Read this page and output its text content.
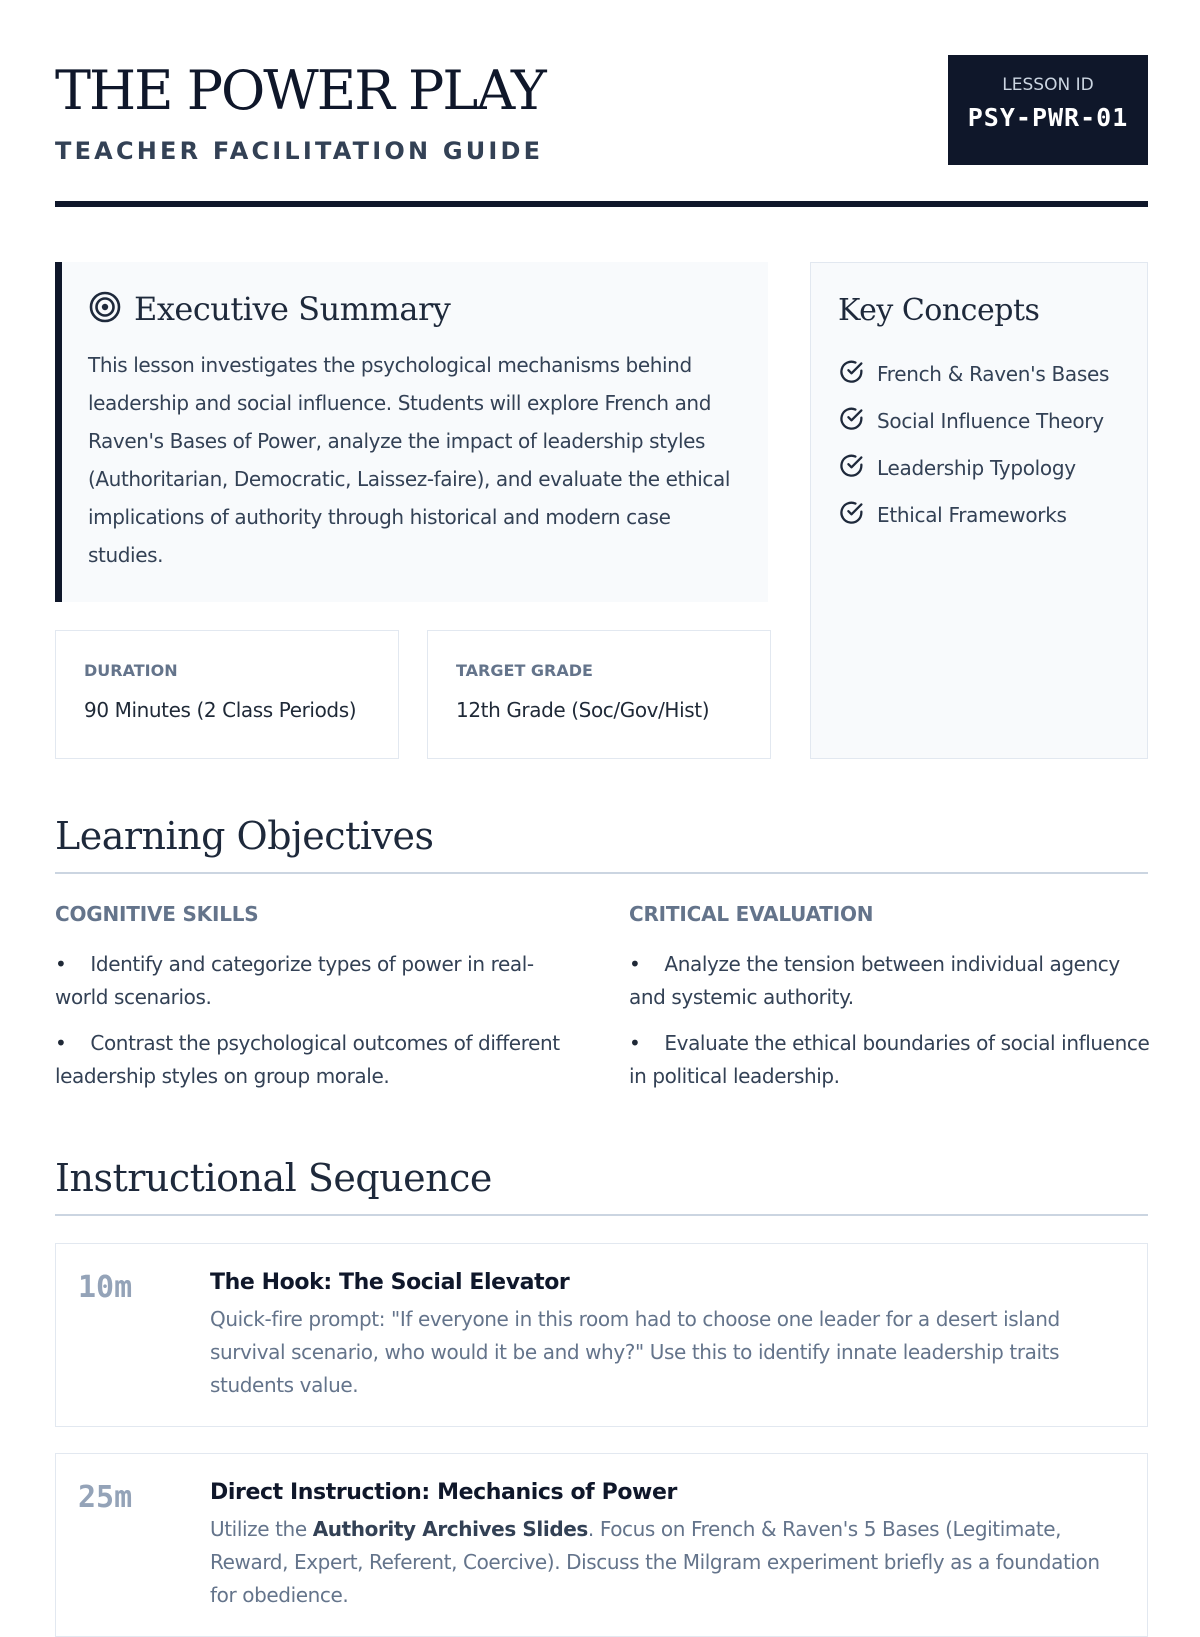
THE POWER PLAY
TEACHER FACILITATION GUIDE
LESSON ID
PSY-PWR-01
Executive Summary

This lesson investigates the psychological mechanisms behind leadership and social influence. Students will explore French and Raven's Bases of Power, analyze the impact of leadership styles (Authoritarian, Democratic, Laissez-faire), and evaluate the ethical implications of authority through historical and modern case studies.

DURATION
90 Minutes (2 Class Periods)
TARGET GRADE
12th Grade (Soc/Gov/Hist)
Key Concepts
French & Raven's Bases
Social Influence Theory
Leadership Typology
Ethical Frameworks
Learning Objectives
COGNITIVE SKILLS
• Identify and categorize types of power in real-world scenarios.
• Contrast the psychological outcomes of different leadership styles on group morale.
CRITICAL EVALUATION
• Analyze the tension between individual agency and systemic authority.
• Evaluate the ethical boundaries of social influence in political leadership.
Instructional Sequence
10m	The Hook: The Social Elevator

Quick-fire prompt: "If everyone in this room had to choose one leader for a desert island survival scenario, who would it be and why?" Use this to identify innate leadership traits students value.

25m	Direct Instruction: Mechanics of Power

Utilize the Authority Archives Slides. Focus on French & Raven's 5 Bases (Legitimate, Reward, Expert, Referent, Coercive). Discuss the Milgram experiment briefly as a foundation for obedience.
